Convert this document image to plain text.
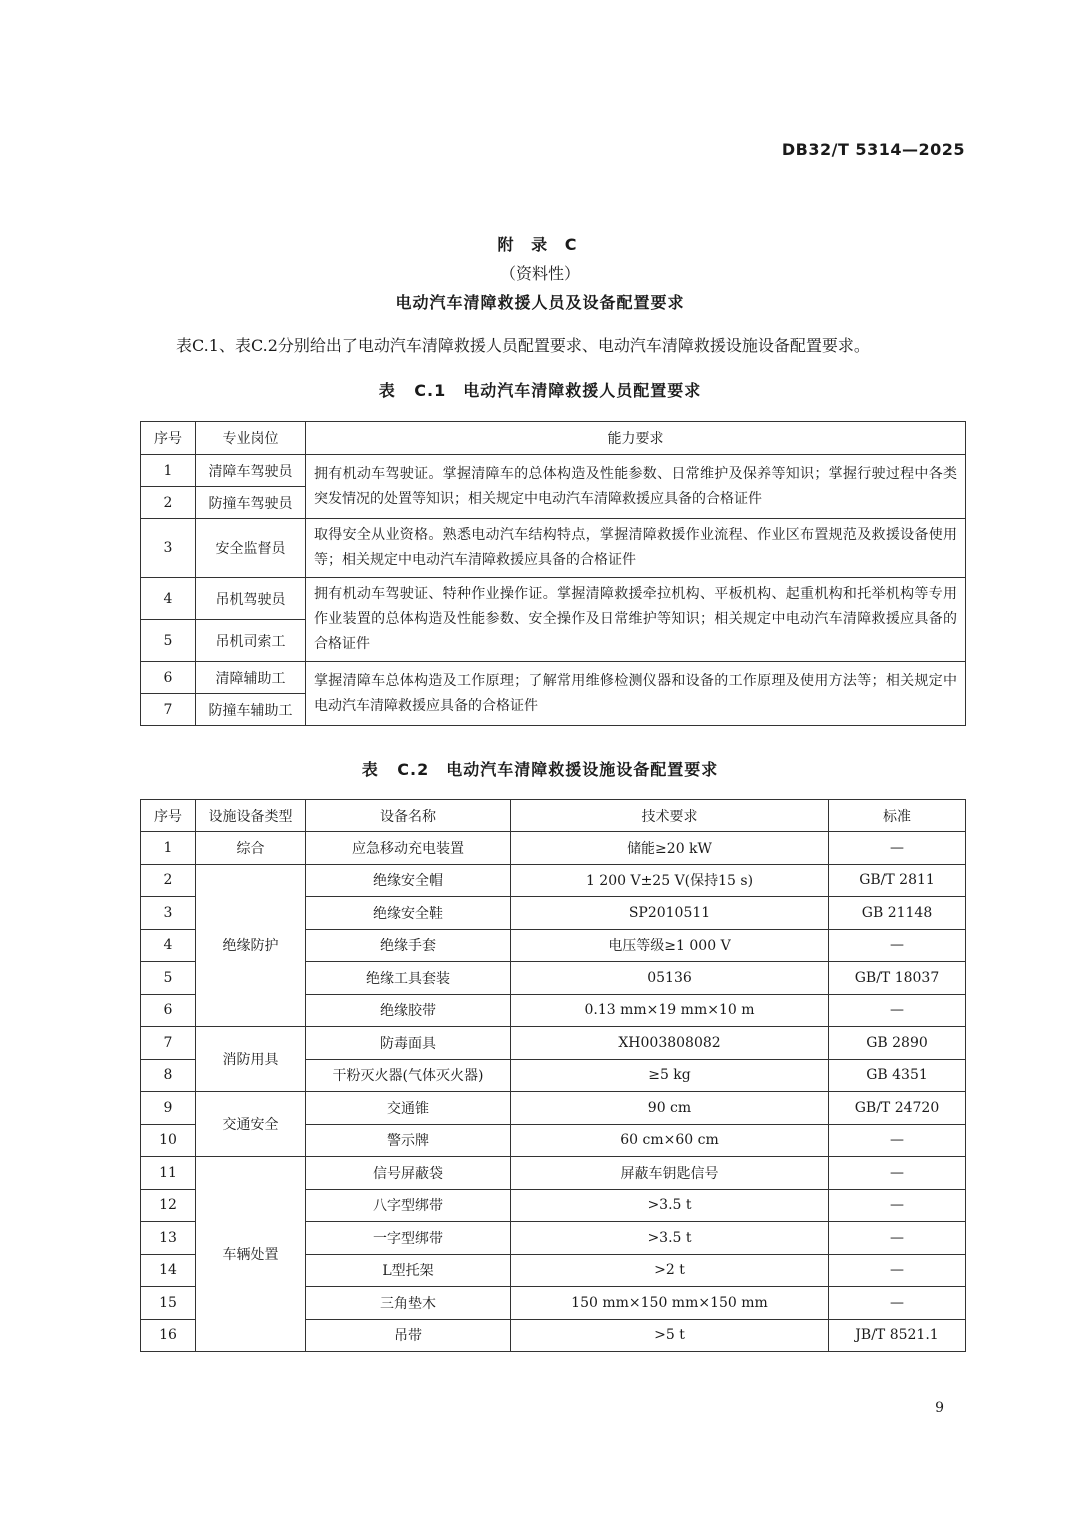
DB32/T 5314—2025
附 录 C
（资料性）
电动汽车清障救援人员及设备配置要求
表C.1、表C.2分别给出了电动汽车清障救援人员配置要求、电动汽车清障救援设施设备配置要求。
表 C.1　电动汽车清障救援人员配置要求
序号	专业岗位	能力要求
1	清障车驾驶员	拥有机动车驾驶证。掌握清障车的总体构造及性能参数、日常维护及保养等知识；掌握行驶过程中各类突发情况的处置等知识；相关规定中电动汽车清障救援应具备的合格证件
2	防撞车驾驶员	
3	安全监督员	取得安全从业资格。熟悉电动汽车结构特点，掌握清障救援作业流程、作业区布置规范及救援设备使用等；相关规定中电动汽车清障救援应具备的合格证件
4	吊机驾驶员	拥有机动车驾驶证、特种作业操作证。掌握清障救援牵拉机构、平板机构、起重机构和托举机构等专用作业装置的总体构造及性能参数、安全操作及日常维护等知识；相关规定中电动汽车清障救援应具备的合格证件
5	吊机司索工	
6	清障辅助工	掌握清障车总体构造及工作原理；了解常用维修检测仪器和设备的工作原理及使用方法等；相关规定中电动汽车清障救援应具备的合格证件
7	防撞车辅助工	
表 C.2　电动汽车清障救援设施设备配置要求
序号	设施设备类型	设备名称	技术要求	标准
1	综合	应急移动充电装置	储能≥20 kW	—
2	绝缘防护	绝缘安全帽	1 200 V±25 V(保持15 s)	GB/T 2811
3		绝缘安全鞋	SP2010511	GB 21148
4		绝缘手套	电压等级≥1 000 V	—
5		绝缘工具套装	05136	GB/T 18037
6		绝缘胶带	0.13 mm×19 mm×10 m	—
7	消防用具	防毒面具	XH003808082	GB 2890
8		干粉灭火器(气体灭火器)	≥5 kg	GB 4351
9	交通安全	交通锥	90 cm	GB/T 24720
10		警示牌	60 cm×60 cm	—
11	车辆处置	信号屏蔽袋	屏蔽车钥匙信号	—
12		八字型绑带	>3.5 t	—
13		一字型绑带	>3.5 t	—
14		L型托架	>2 t	—
15		三角垫木	150 mm×150 mm×150 mm	—
16		吊带	>5 t	JB/T 8521.1
9
